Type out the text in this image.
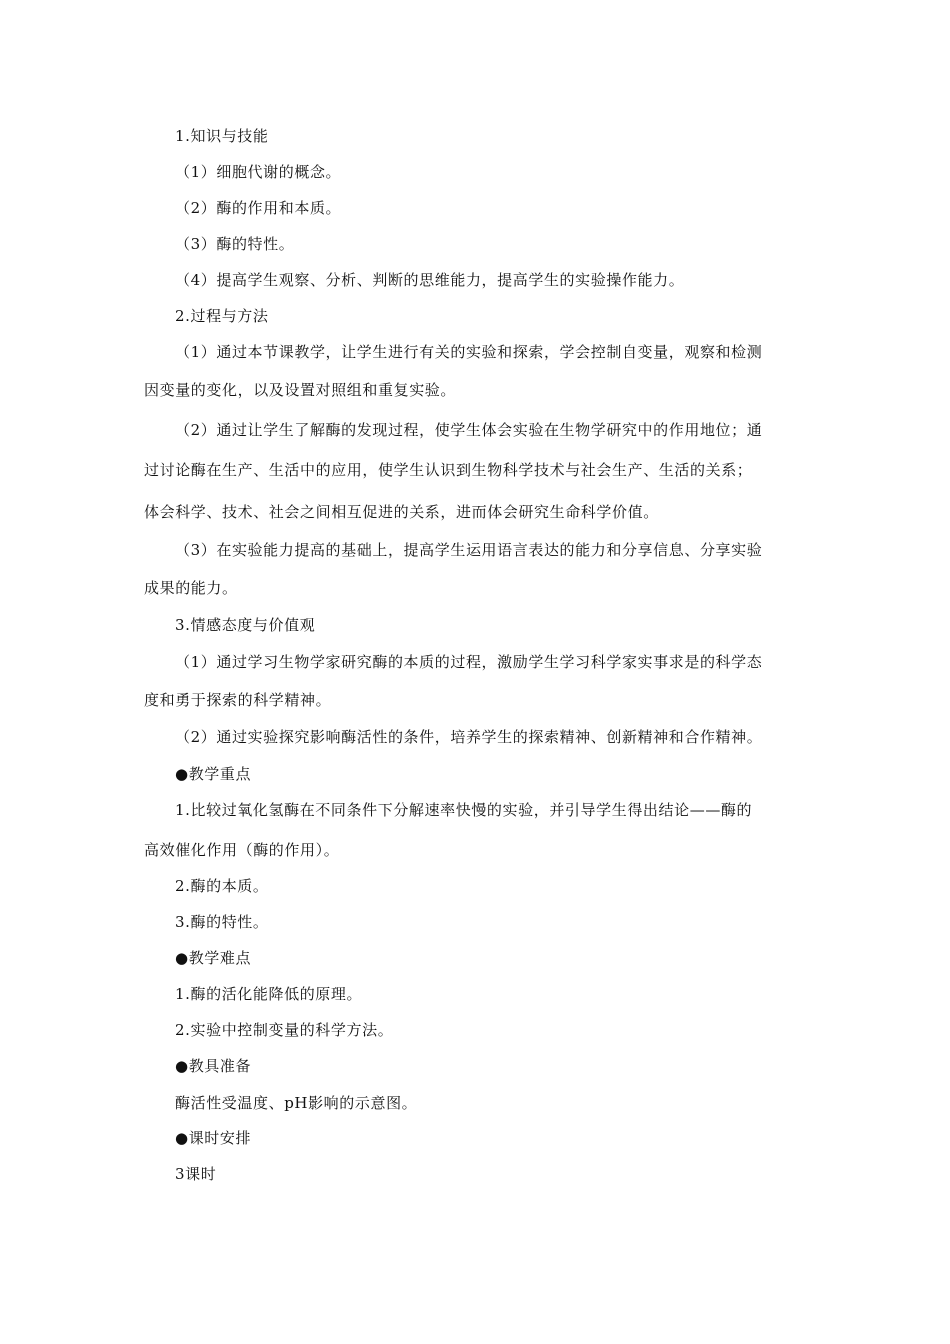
1.知识与技能
（1）细胞代谢的概念。
（2）酶的作用和本质。
（3）酶的特性。
（4）提高学生观察、分析、判断的思维能力，提高学生的实验操作能力。
2.过程与方法
（1）通过本节课教学，让学生进行有关的实验和探索，学会控制自变量，观察和检测
因变量的变化，以及设置对照组和重复实验。
（2）通过让学生了解酶的发现过程，使学生体会实验在生物学研究中的作用地位；通
过讨论酶在生产、生活中的应用，使学生认识到生物科学技术与社会生产、生活的关系；
体会科学、技术、社会之间相互促进的关系，进而体会研究生命科学价值。
（3）在实验能力提高的基础上，提高学生运用语言表达的能力和分享信息、分享实验
成果的能力。
3.情感态度与价值观
（1）通过学习生物学家研究酶的本质的过程，激励学生学习科学家实事求是的科学态
度和勇于探索的科学精神。
（2）通过实验探究影响酶活性的条件，培养学生的探索精神、创新精神和合作精神。
●教学重点
1.比较过氧化氢酶在不同条件下分解速率快慢的实验，并引导学生得出结论——酶的
高效催化作用（酶的作用）。
2.酶的本质。
3.酶的特性。
●教学难点
1.酶的活化能降低的原理。
2.实验中控制变量的科学方法。
●教具准备
酶活性受温度、pH影响的示意图。
●课时安排
3课时
